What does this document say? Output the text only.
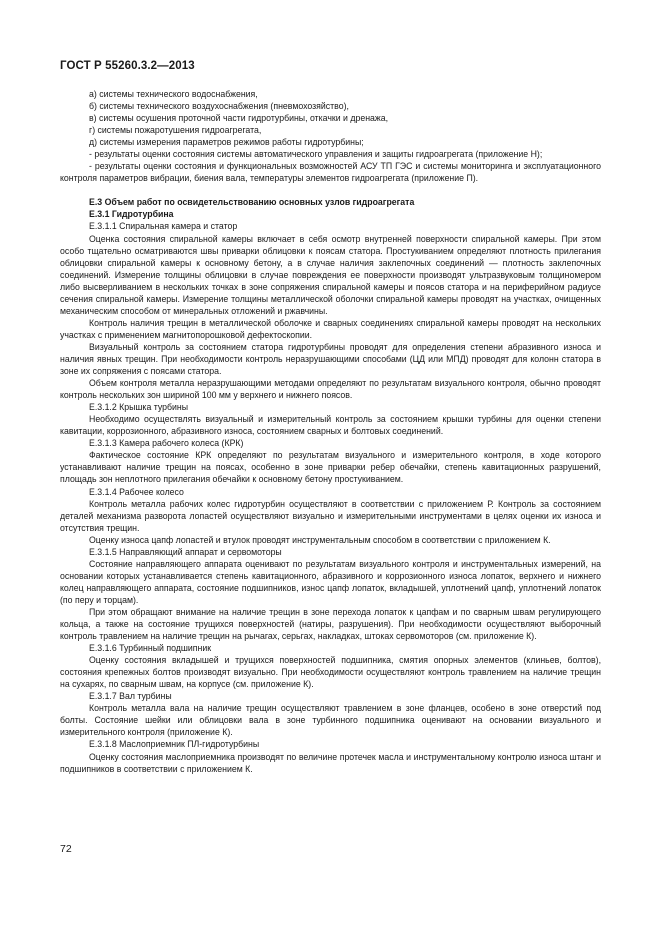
ГОСТ Р 55260.3.2—2013

а) системы технического водоснабжения,

б) системы технического воздухоснабжения (пневмохозяйство),

в) системы осушения проточной части гидротурбины, откачки и дренажа,

г) системы пожаротушения гидроагрегата,

д) системы измерения параметров режимов работы гидротурбины;

- результаты оценки состояния системы автоматического управления и защиты гидроагрегата (приложение Н);

- результаты оценки состояния и функциональных возможностей АСУ ТП ГЭС и системы мониторинга и эксплуатационного контроля параметров вибрации, биения вала, температуры элементов гидроагрегата (приложение П).

Е.3 Объем работ по освидетельствованию основных узлов гидроагрегата

Е.3.1 Гидротурбина

Е.3.1.1 Спиральная камера и статор

Оценка состояния спиральной камеры включает в себя осмотр внутренней поверхности спиральной камеры. При этом особо тщательно осматриваются швы приварки облицовки к поясам статора. Простукиванием определяют плотность прилегания облицовки спиральной камеры к основному бетону, а в случае наличия заклепочных соединений — плотность заклепочных соединений. Измерение толщины облицовки в случае повреждения ее поверхности производят ультразвуковым толщиномером либо высверливанием в нескольких точках в зоне сопряжения спиральной камеры и поясов статора и на периферийном радиусе сечения спиральной камеры. Измерение толщины металлической оболочки спиральной камеры проводят на участках, очищенных механическим способом от минеральных отложений и ржавчины.

Контроль наличия трещин в металлической оболочке и сварных соединениях спиральной камеры проводят на нескольких участках с применением магнитопорошковой дефектоскопии.

Визуальный контроль за состоянием статора гидротурбины проводят для определения степени абразивного износа и наличия явных трещин. При необходимости контроль неразрушающими способами (ЦД или МПД) проводят для колонн статора в зоне их сопряжения с поясами статора.

Объем контроля металла неразрушающими методами определяют по результатам визуального контроля, обычно проводят контроль нескольких зон шириной 100 мм у верхнего и нижнего поясов.

Е.3.1.2 Крышка турбины

Необходимо осуществлять визуальный и измерительный контроль за состоянием крышки турбины для оценки степени кавитации, коррозионного, абразивного износа, состоянием сварных и болтовых соединений.

Е.3.1.3 Камера рабочего колеса (КРК)

Фактическое состояние КРК определяют по результатам визуального и измерительного контроля, в ходе которого устанавливают наличие трещин на поясах, особенно в зоне приварки ребер обечайки, степень кавитационных разрушений, площадь зон неплотного прилегания обечайки к основному бетону простукиванием.

Е.3.1.4 Рабочее колесо

Контроль металла рабочих колес гидротурбин осуществляют в соответствии с приложением Р. Контроль за состоянием деталей механизма разворота лопастей осуществляют визуально и измерительными инструментами в целях оценки их износа и отсутствия трещин.

Оценку износа цапф лопастей и втулок проводят инструментальным способом в соответствии с приложением К.

Е.3.1.5 Направляющий аппарат и сервомоторы

Состояние направляющего аппарата оценивают по результатам визуального контроля и инструментальных измерений, на основании которых устанавливается степень кавитационного, абразивного и коррозионного износа лопаток, верхнего и нижнего колец направляющего аппарата, состояние подшипников, износ цапф лопаток, вкладышей, уплотнений цапф, уплотнений лопаток (по перу и торцам).

При этом обращают внимание на наличие трещин в зоне перехода лопаток к цапфам и по сварным швам регулирующего кольца, а также на состояние трущихся поверхностей (натиры, разрушения). При необходимости осуществляют выборочный контроль травлением на наличие трещин на рычагах, серьгах, накладках, штоках сервомоторов (см. приложение К).

Е.3.1.6 Турбинный подшипник

Оценку состояния вкладышей и трущихся поверхностей подшипника, смятия опорных элементов (клиньев, болтов), состояния крепежных болтов производят визуально. При необходимости осуществляют контроль травлением на наличие трещин на сухарях, по сварным швам, на корпусе (см. приложение К).

Е.3.1.7 Вал турбины

Контроль металла вала на наличие трещин осуществляют травлением в зоне фланцев, особено в зоне отверстий под болты. Состояние шейки или облицовки вала в зоне турбинного подшипника оценивают на основании визуального и измерительного контроля (приложение К).

Е.3.1.8 Маслоприемник ПЛ-гидротурбины

Оценку состояния маслоприемника производят по величине протечек масла и инструментальному контролю износа штанг и подшипников в соответствии с приложением К.

72
